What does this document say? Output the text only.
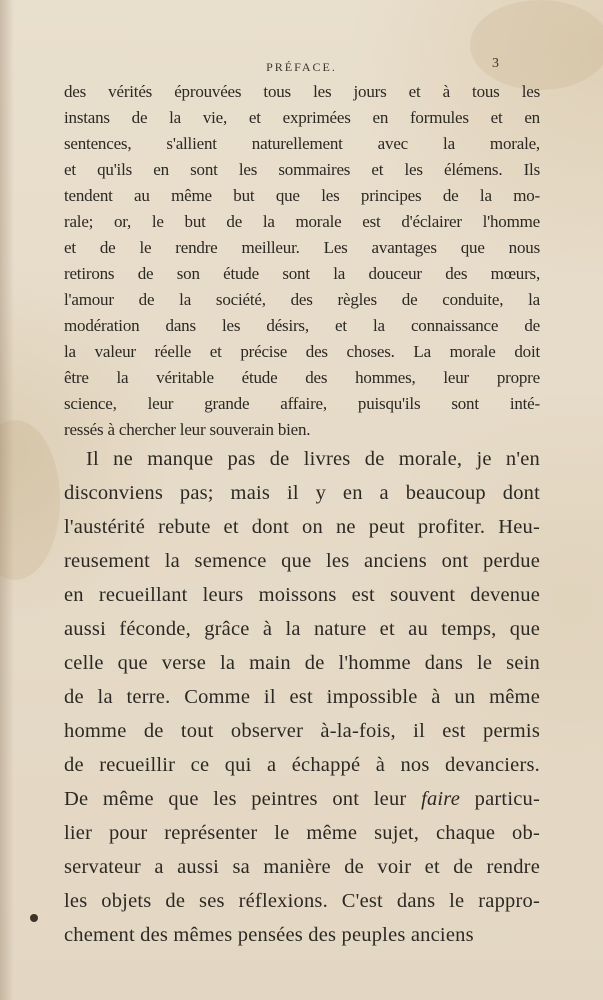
PRÉFACE.	3
des vérités éprouvées tous les jours et à tous les
instans de la vie, et exprimées en formules et en
sentences, s'allient naturellement avec la morale,
et qu'ils en sont les sommaires et les élémens. Ils
tendent au même but que les principes de la mo-
rale; or, le but de la morale est d'éclairer l'homme
et de le rendre meilleur. Les avantages que nous
retirons de son étude sont la douceur des mœurs,
l'amour de la société, des règles de conduite, la
modération dans les désirs, et la connaissance de
la valeur réelle et précise des choses. La morale doit
être la véritable étude des hommes, leur propre
science, leur grande affaire, puisqu'ils sont inté-
ressés à chercher leur souverain bien.
Il ne manque pas de livres de morale, je n'en
disconviens pas; mais il y en a beaucoup dont
l'austérité rebute et dont on ne peut profiter. Heu-
reusement la semence que les anciens ont perdue
en recueillant leurs moissons est souvent devenue
aussi féconde, grâce à la nature et au temps, que
celle que verse la main de l'homme dans le sein
de la terre. Comme il est impossible à un même
homme de tout observer à-la-fois, il est permis
de recueillir ce qui a échappé à nos devanciers.
De même que les peintres ont leur faire particu-
lier pour représenter le même sujet, chaque ob-
servateur a aussi sa manière de voir et de rendre
les objets de ses réflexions. C'est dans le rappro-
chement des mêmes pensées des peuples anciens
